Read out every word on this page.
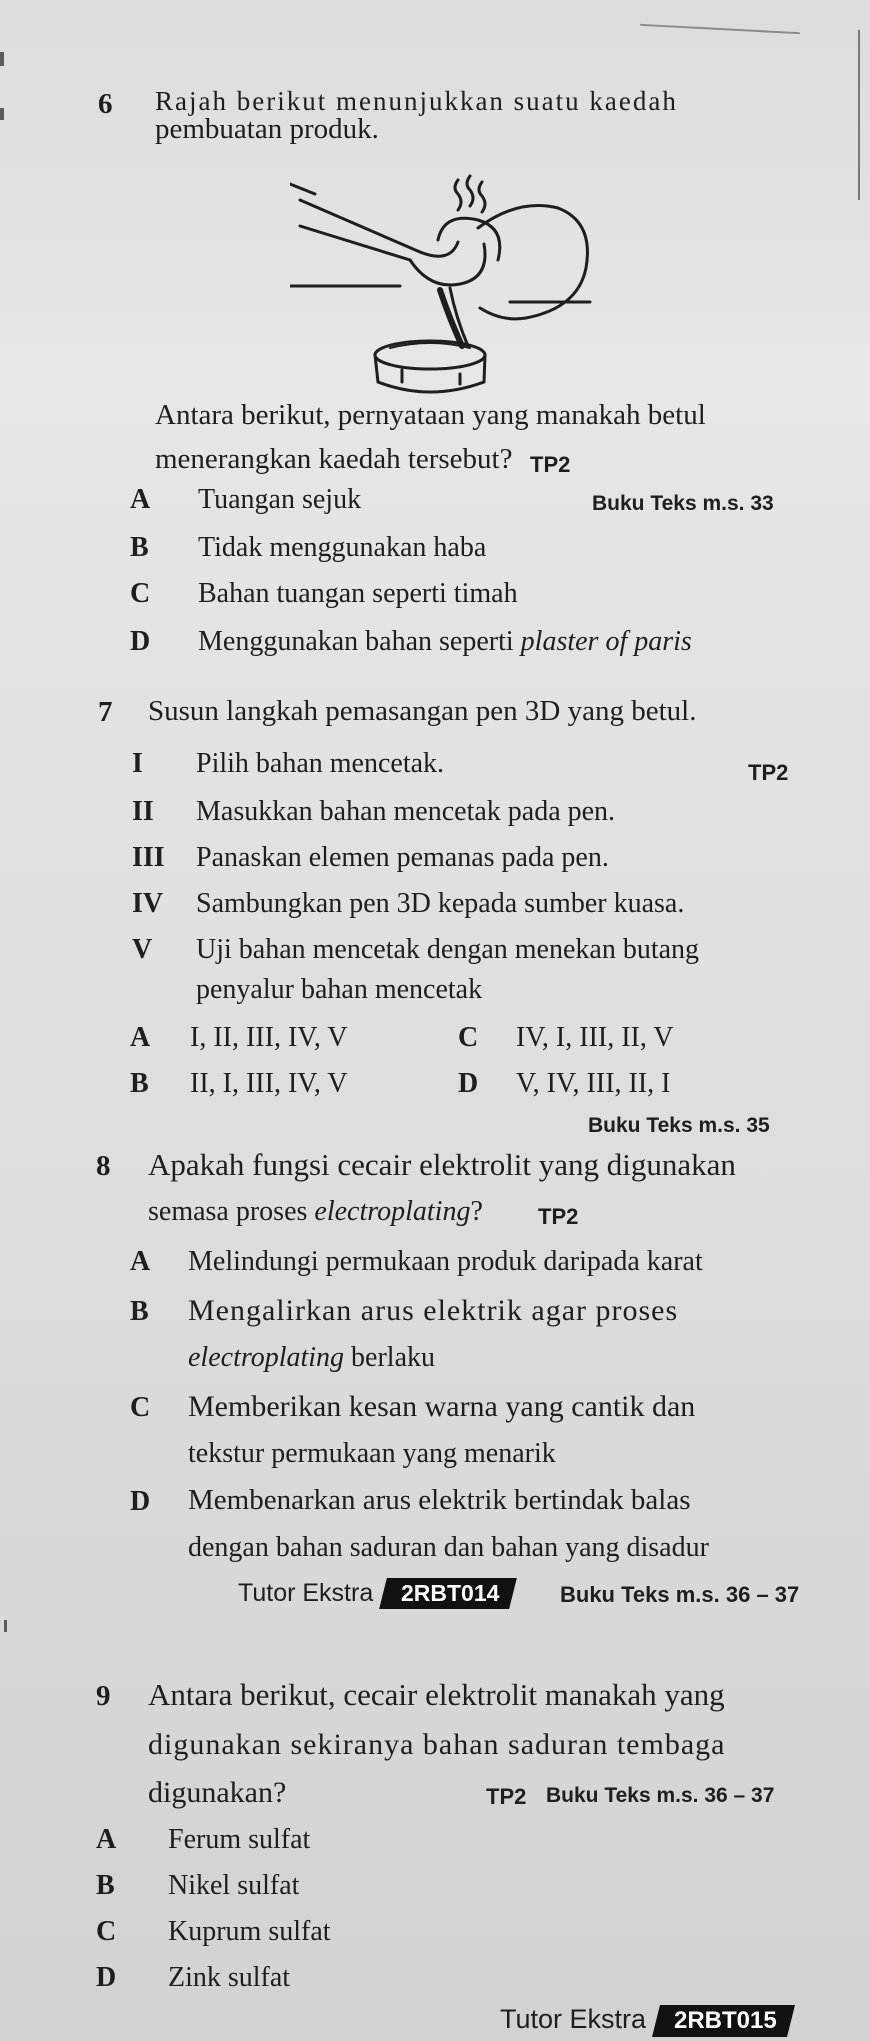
6 Rajah berikut menunjukkan suatu kaedah
pembuatan produk.
Antara berikut, pernyataan yang manakah betul
menerangkan kaedah tersebut? TP2
A Tuangan sejuk	Buku Teks m.s. 33
B Tidak menggunakan haba
C Bahan tuangan seperti timah
D Menggunakan bahan seperti plaster of paris
7 Susun langkah pemasangan pen 3D yang betul.
I Pilih bahan mencetak.	TP2
II Masukkan bahan mencetak pada pen.
III Panaskan elemen pemanas pada pen.
IV Sambungkan pen 3D kepada sumber kuasa.
V Uji bahan mencetak dengan menekan butang
penyalur bahan mencetak
A I, II, III, IV, V	C IV, I, III, II, V
B II, I, III, IV, V	D V, IV, III, II, I
Buku Teks m.s. 35
8 Apakah fungsi cecair elektrolit yang digunakan
semasa proses electroplating?	TP2
A Melindungi permukaan produk daripada karat
B Mengalirkan arus elektrik agar proses
electroplating berlaku
C Memberikan kesan warna yang cantik dan
tekstur permukaan yang menarik
D Membenarkan arus elektrik bertindak balas
dengan bahan saduran dan bahan yang disadur
Tutor Ekstra 2RBT014	Buku Teks m.s. 36 – 37
9 Antara berikut, cecair elektrolit manakah yang
digunakan sekiranya bahan saduran tembaga
digunakan?	TP2 Buku Teks m.s. 36 – 37
A Ferum sulfat
B Nikel sulfat
C Kuprum sulfat
D Zink sulfat
Tutor Ekstra 2RBT015
